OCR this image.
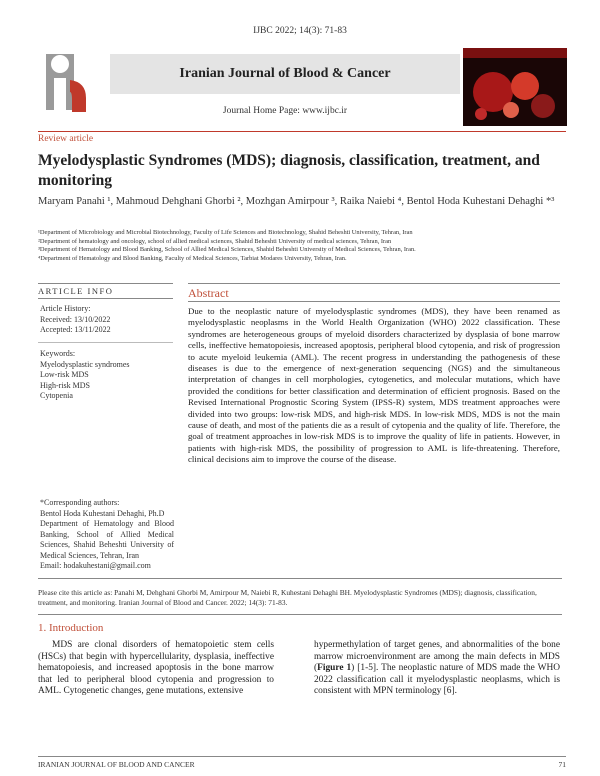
IJBC 2022; 14(3): 71-83
Iranian Journal of Blood & Cancer
Journal Home Page: www.ijbc.ir
Review article
Myelodysplastic Syndromes (MDS); diagnosis, classification, treatment, and monitoring
Maryam Panahi ¹, Mahmoud Dehghani Ghorbi ², Mozhgan Amirpour ³, Raika Naiebi ⁴, Bentol Hoda Kuhestani Dehaghi *³
¹Department of Microbiology and Microbial Biotechnology, Faculty of Life Sciences and Biotechnology, Shahid Beheshti University, Tehran, Iran
²Department of hematology and oncology, school of allied medical sciences, Shahid Beheshti University of medical sciences, Tehran, Iran
³Department of Hematology and Blood Banking, School of Allied Medical Sciences, Shahid Beheshti University of Medical Sciences, Tehran, Iran.
⁴Department of Hematology and Blood Banking, Faculty of Medical Sciences, Tarbiat Modares University, Tehran, Iran.
ARTICLE INFO
Article History:
Received: 13/10/2022
Accepted: 13/11/2022
Keywords:
Myelodysplastic syndromes
Low-risk MDS
High-risk MDS
Cytopenia
*Corresponding authors:
Bentol Hoda Kuhestani Dehaghi, Ph.D
Department of Hematology and Blood Banking, School of Allied Medical Sciences, Shahid Beheshti University of Medical Sciences, Tehran, Iran
Email: hodakuhestani@gmail.com
Abstract
Due to the neoplastic nature of myelodysplastic syndromes (MDS), they have been renamed as myelodysplastic neoplasms in the World Health Organization (WHO) 2022 classification. These syndromes are heterogeneous groups of myeloid disorders characterized by dysplasia of bone marrow cells, ineffective hematopoiesis, increased apoptosis, peripheral blood cytopenia, and risk of progression to acute myeloid leukemia (AML). The recent progress in understanding the pathogenesis of these diseases is due to the emergence of next-generation sequencing (NGS) and the simultaneous interpretation of changes in cell morphologies, cytogenetics, and molecular mutations, which have provided the conditions for better classification and determination of efficient prognosis. Based on the Revised International Prognostic Scoring System (IPSS-R) system, MDS treatment approaches were divided into two groups: low-risk MDS, and high-risk MDS. In low-risk MDS, MDS is not the main cause of death, and most of the patients die as a result of cytopenia and the quality of life. Therefore, the goal of treatment approaches in low-risk MDS is to improve the quality of life in patients. However, in patients with high-risk MDS, the possibility of progression to AML is life-threatening. Therefore, clinical decisions aim to improve the course of the disease.
Please cite this article as: Panahi M, Dehghani Ghorbi M, Amirpour M, Naiebi R, Kuhestani Dehaghi BH. Myelodysplastic Syndromes (MDS); diagnosis, classification, treatment, and monitoring. Iranian Journal of Blood and Cancer. 2022; 14(3): 71-83.
1. Introduction
MDS are clonal disorders of hematopoietic stem cells (HSCs) that begin with hypercellularity, dysplasia, ineffective hematopoiesis, and increased apoptosis in the bone marrow that led to peripheral blood cytopenia and progression to AML. Cytogenetic changes, gene mutations, extensive
hypermethylation of target genes, and abnormalities of the bone marrow microenvironment are among the main defects in MDS (Figure 1) [1-5]. The neoplastic nature of MDS made the WHO 2022 classification call it myelodysplastic neoplasms, which is consistent with MPN terminology [6].
IRANIAN JOURNAL OF BLOOD AND CANCER	71
